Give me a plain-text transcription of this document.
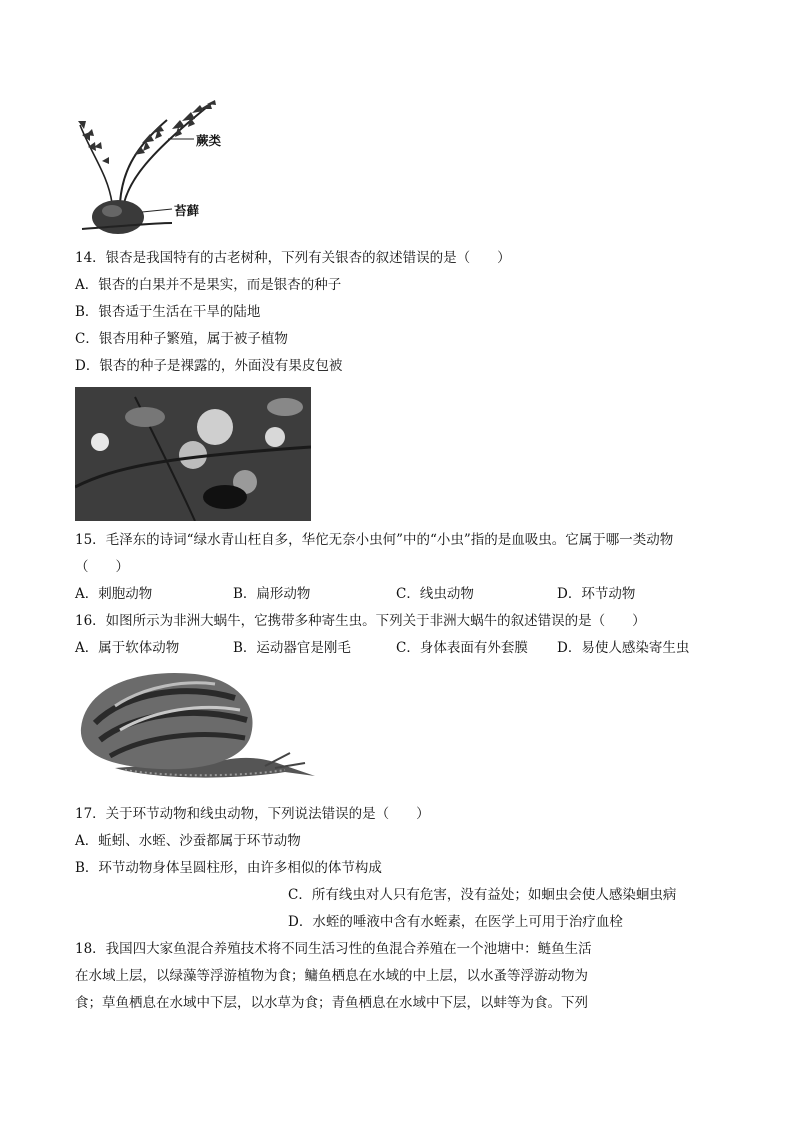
蕨类
苔藓
14．银杏是我国特有的古老树种，下列有关银杏的叙述错误的是（　　）
A．银杏的白果并不是果实，而是银杏的种子
B．银杏适于生活在干旱的陆地
C．银杏用种子繁殖，属于被子植物
D．银杏的种子是裸露的，外面没有果皮包被
15．毛泽东的诗词“绿水青山枉自多，华佗无奈小虫何”中的“小虫”指的是血吸虫。它属于哪一类动物
（　　）
A．刺胞动物	B．扁形动物	C．线虫动物	D．环节动物
16．如图所示为非洲大蜗牛，它携带多种寄生虫。下列关于非洲大蜗牛的叙述错误的是（　　）
A．属于软体动物	B．运动器官是刚毛	C．身体表面有外套膜 D．易使人感染寄生虫
17．关于环节动物和线虫动物，下列说法错误的是（　　）
A．蚯蚓、水蛭、沙蚕都属于环节动物
B．环节动物身体呈圆柱形，由许多相似的体节构成
C．所有线虫对人只有危害，没有益处；如蛔虫会使人感染蛔虫病
D．水蛭的唾液中含有水蛭素，在医学上可用于治疗血栓
18．我国四大家鱼混合养殖技术将不同生活习性的鱼混合养殖在一个池塘中：鲢鱼生活
在水域上层，以绿藻等浮游植物为食；鳙鱼栖息在水域的中上层，以水蚤等浮游动物为
食；草鱼栖息在水域中下层，以水草为食；青鱼栖息在水域中下层，以蚌等为食。下列
